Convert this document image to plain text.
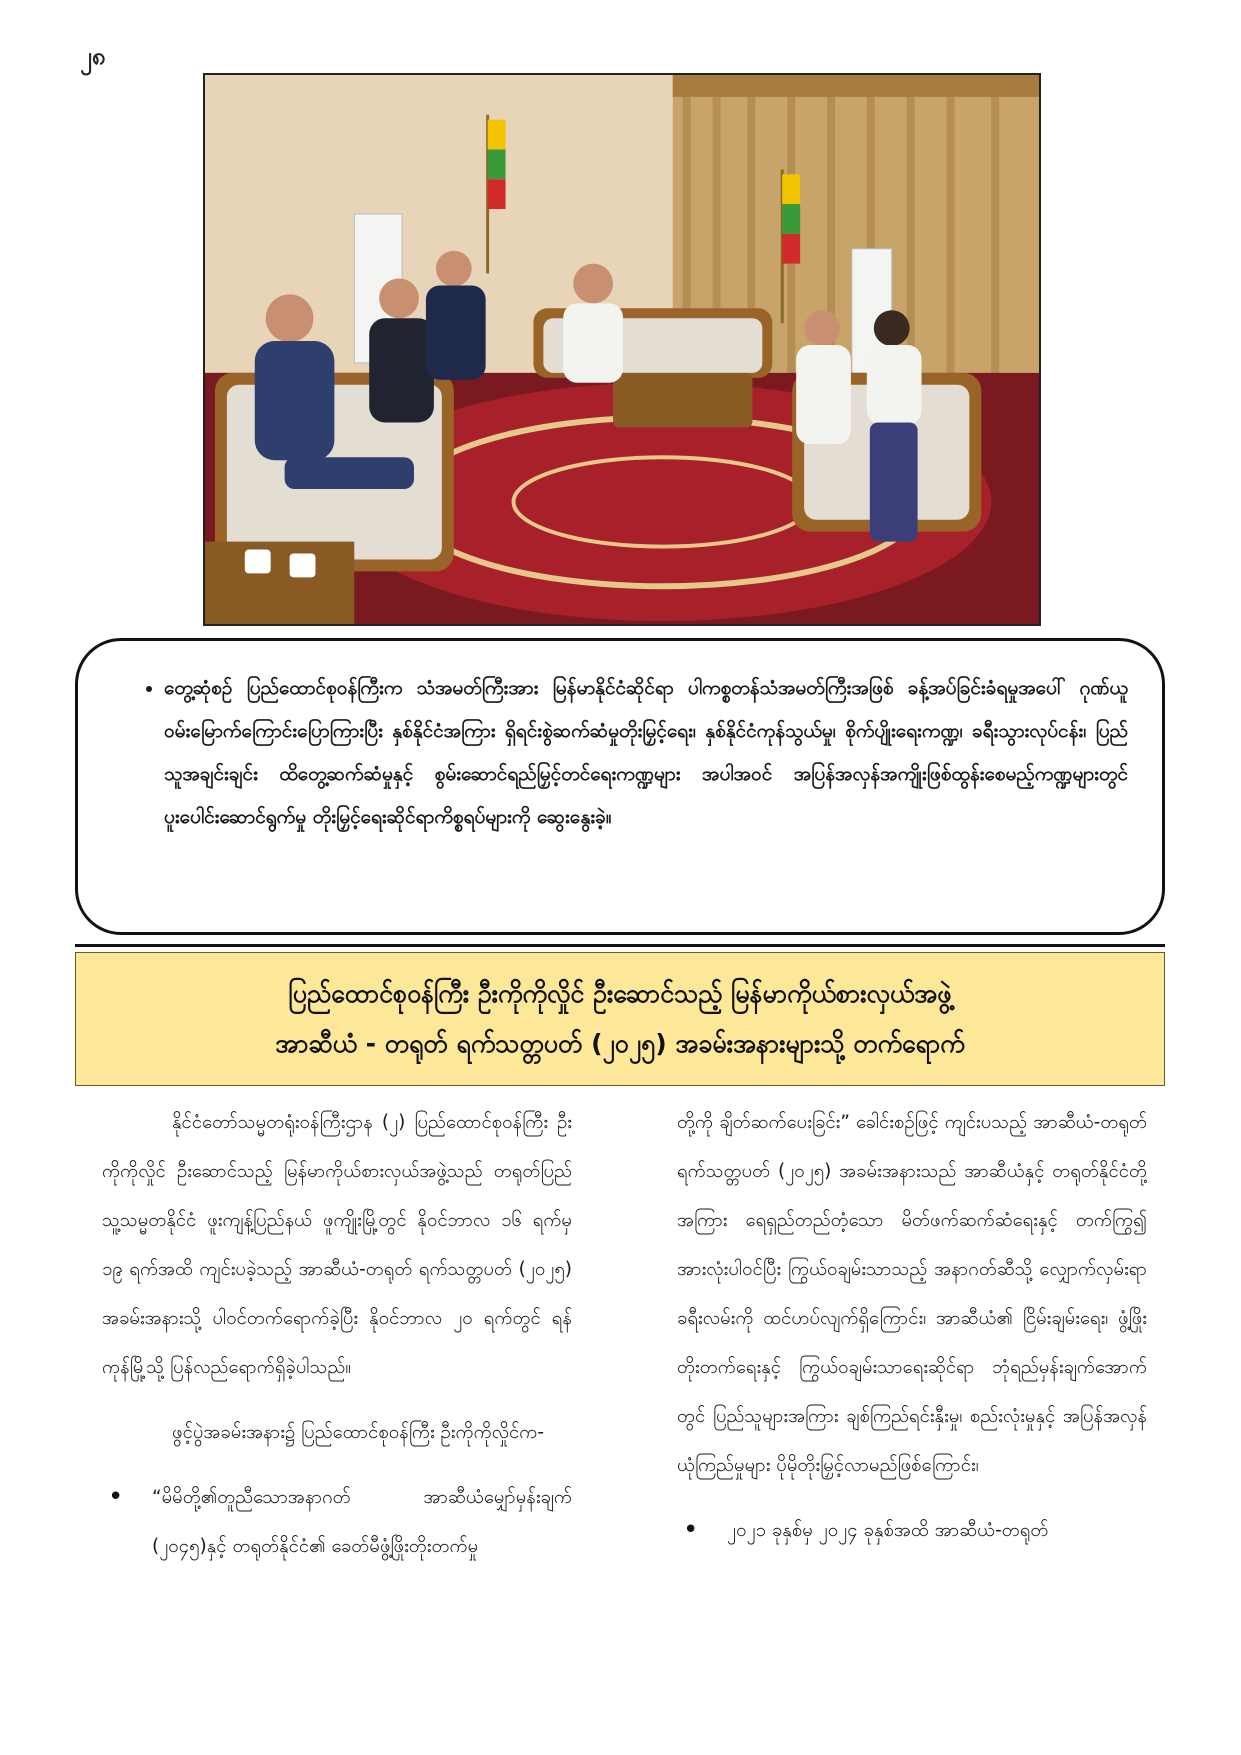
၂၈
• တွေ့ဆုံစဉ် ပြည်ထောင်စုဝန်ကြီးက သံအမတ်ကြီးအား မြန်မာနိုင်ငံဆိုင်ရာ ပါကစ္စတန်သံအမတ်ကြီးအဖြစ် ခန့်အပ်ခြင်းခံရမှုအပေါ် ဂုဏ်ယူဝမ်းမြောက်ကြောင်းပြောကြားပြီး နှစ်နိုင်ငံအကြား ရှိရင်းစွဲဆက်ဆံမှုတိုးမြှင့်ရေး၊ နှစ်နိုင်ငံကုန်သွယ်မှု၊ စိုက်ပျိုးရေးကဏ္ဍ၊ ခရီးသွားလုပ်ငန်း၊ ပြည်သူအချင်းချင်း ထိတွေ့ဆက်ဆံမှုနှင့် စွမ်းဆောင်ရည်မြှင့်တင်ရေးကဏ္ဍများ အပါအဝင် အပြန်အလှန်အကျိုးဖြစ်ထွန်းစေမည့်ကဏ္ဍများတွင် ပူးပေါင်းဆောင်ရွက်မှု တိုးမြှင့်ရေးဆိုင်ရာကိစ္စရပ်များကို ဆွေးနွေးခဲ့။
ပြည်ထောင်စုဝန်ကြီး ဦးကိုကိုလှိုင် ဦးဆောင်သည့် မြန်မာကိုယ်စားလှယ်အဖွဲ့
အာဆီယံ - တရုတ် ရက်သတ္တပတ် (၂၀၂၅) အခမ်းအနားများသို့ တက်ရောက်

နိုင်ငံတော်သမ္မတရုံးဝန်ကြီးဌာန (၂) ပြည်ထောင်စုဝန်ကြီး ဦးကိုကိုလှိုင် ဦးဆောင်သည့် မြန်မာကိုယ်စားလှယ်အဖွဲ့သည် တရုတ်ပြည်သူ့သမ္မတနိုင်ငံ ဖူးကျန့်ပြည်နယ် ဖူကျိုးမြို့တွင် နိုဝင်ဘာလ ၁၆ ရက်မှ ၁၉ ရက်အထိ ကျင်းပခဲ့သည့် အာဆီယံ-တရုတ် ရက်သတ္တပတ် (၂၀၂၅) အခမ်းအနားသို့ ပါဝင်တက်ရောက်ခဲ့ပြီး နိုဝင်ဘာလ ၂၀ ရက်တွင် ရန်ကုန်မြို့သို့ ပြန်လည်ရောက်ရှိခဲ့ပါသည်။

ဖွင့်ပွဲအခမ်းအနား၌ ပြည်ထောင်စုဝန်ကြီး ဦးကိုကိုလှိုင်က-

• “မိမိတို့၏တူညီသောအနာဂတ် အာဆီယံမျှော်မှန်းချက် (၂၀၄၅)နှင့် တရုတ်နိုင်ငံ၏ ခေတ်မီဖွံ့ဖြိုးတိုးတက်မှု

တို့ကို ချိတ်ဆက်ပေးခြင်း” ခေါင်းစဉ်ဖြင့် ကျင်းပသည့် အာဆီယံ-တရုတ် ရက်သတ္တပတ် (၂၀၂၅) အခမ်းအနားသည် အာဆီယံနှင့် တရုတ်နိုင်ငံတို့အကြား ရေရှည်တည်တံ့သော မိတ်ဖက်ဆက်ဆံရေးနှင့် တက်ကြွ၍ အားလုံးပါဝင်ပြီး ကြွယ်ဝချမ်းသာသည့် အနာဂတ်ဆီသို့ လျှောက်လှမ်းရာခရီးလမ်းကို ထင်ဟပ်လျက်ရှိကြောင်း၊ အာဆီယံ၏ ငြိမ်းချမ်းရေး၊ ဖွံ့ဖြိုးတိုးတက်ရေးနှင့် ကြွယ်ဝချမ်းသာရေးဆိုင်ရာ ဘုံရည်မှန်းချက်အောက်တွင် ပြည်သူများအကြား ချစ်ကြည်ရင်းနှီးမှု၊ စည်းလုံးမှုနှင့် အပြန်အလှန်ယုံကြည်မှုများ ပိုမိုတိုးမြှင့်လာမည်ဖြစ်ကြောင်း၊

• ၂၀၂၁ ခုနှစ်မှ ၂၀၂၄ ခုနှစ်အထိ အာဆီယံ-တရုတ်
